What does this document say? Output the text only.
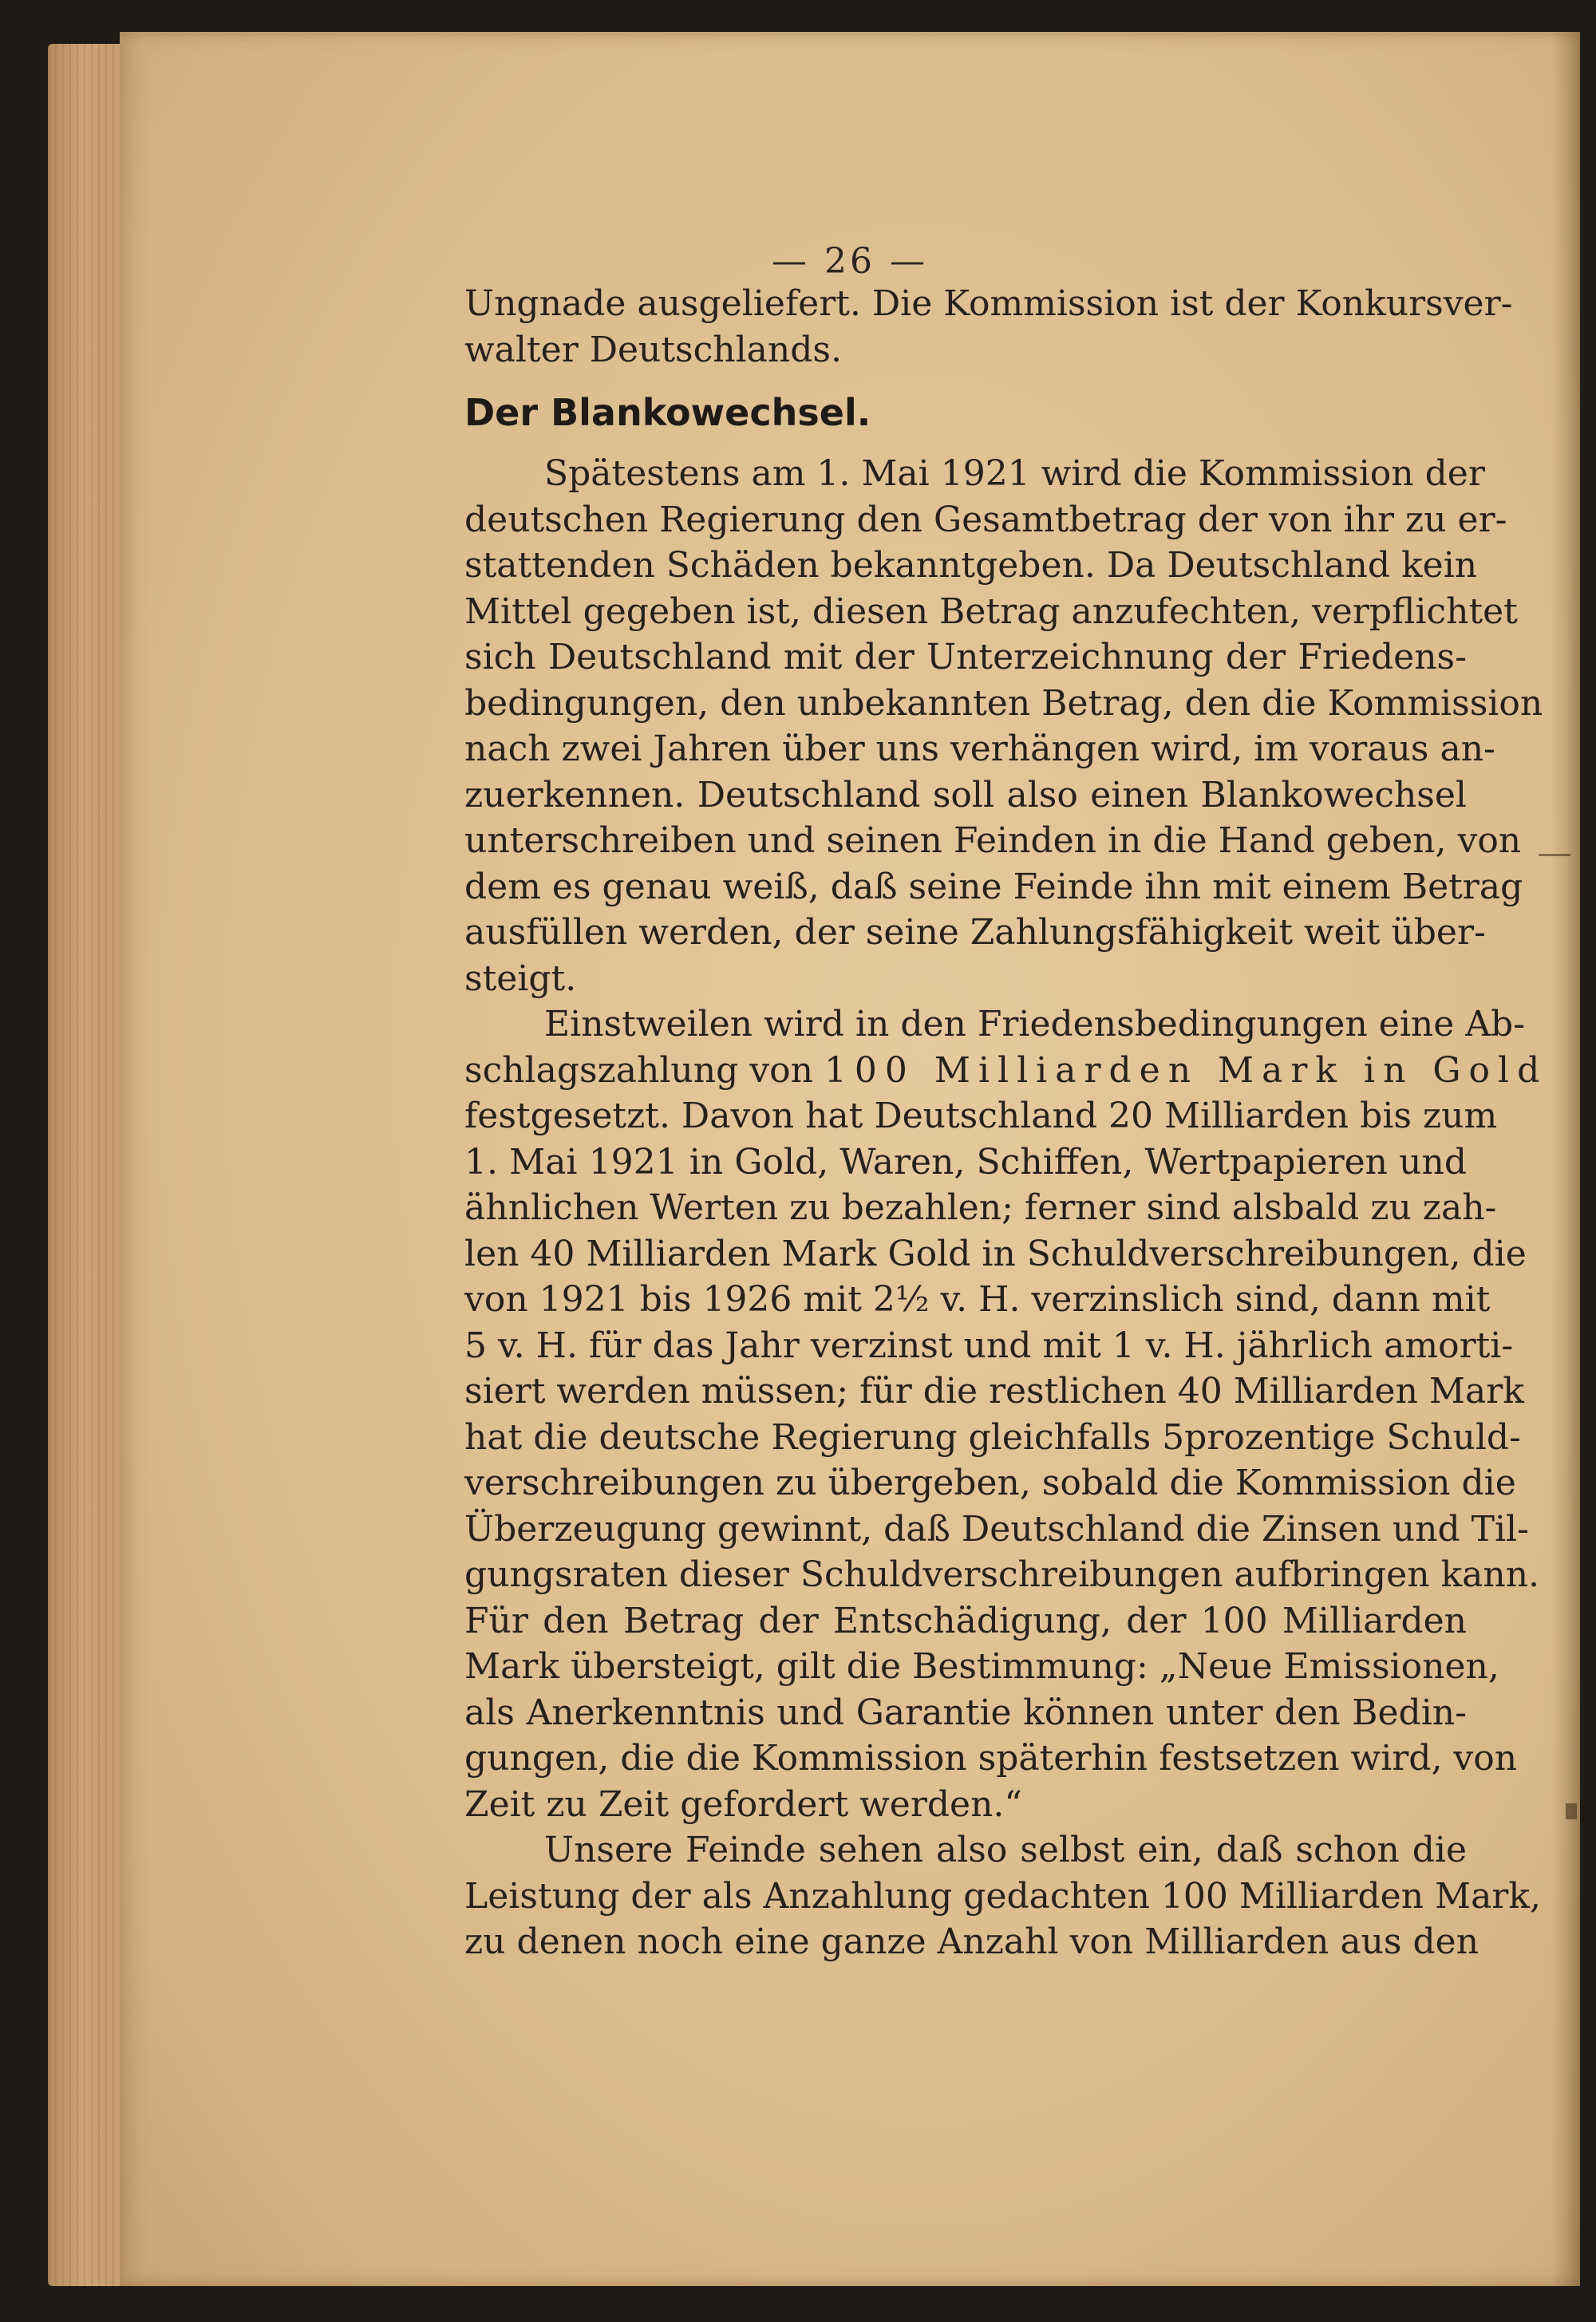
— 26 —
Ungnade ausgeliefert. Die Kommission ist der Konkursver-
walter Deutschlands.
Der Blankowechsel.
Spätestens am 1. Mai 1921 wird die Kommission der
deutschen Regierung den Gesamtbetrag der von ihr zu er-
stattenden Schäden bekanntgeben. Da Deutschland kein
Mittel gegeben ist, diesen Betrag anzufechten, verpflichtet
sich Deutschland mit der Unterzeichnung der Friedens-
bedingungen, den unbekannten Betrag, den die Kommission
nach zwei Jahren über uns verhängen wird, im voraus an-
zuerkennen. Deutschland soll also einen Blankowechsel
unterschreiben und seinen Feinden in die Hand geben, von
dem es genau weiß, daß seine Feinde ihn mit einem Betrag
ausfüllen werden, der seine Zahlungsfähigkeit weit über-
steigt.
Einstweilen wird in den Friedensbedingungen eine Ab-
schlagszahlung von 100 Milliarden Mark in Gold
festgesetzt. Davon hat Deutschland 20 Milliarden bis zum
1. Mai 1921 in Gold, Waren, Schiffen, Wertpapieren und
ähnlichen Werten zu bezahlen; ferner sind alsbald zu zah-
len 40 Milliarden Mark Gold in Schuldverschreibungen, die
von 1921 bis 1926 mit 2½ v. H. verzinslich sind, dann mit
5 v. H. für das Jahr verzinst und mit 1 v. H. jährlich amorti-
siert werden müssen; für die restlichen 40 Milliarden Mark
hat die deutsche Regierung gleichfalls 5prozentige Schuld-
verschreibungen zu übergeben, sobald die Kommission die
Überzeugung gewinnt, daß Deutschland die Zinsen und Til-
gungsraten dieser Schuldverschreibungen aufbringen kann.
Für den Betrag der Entschädigung, der 100 Milliarden
Mark übersteigt, gilt die Bestimmung: „Neue Emissionen,
als Anerkenntnis und Garantie können unter den Bedin-
gungen, die die Kommission späterhin festsetzen wird, von
Zeit zu Zeit gefordert werden.“
Unsere Feinde sehen also selbst ein, daß schon die
Leistung der als Anzahlung gedachten 100 Milliarden Mark,
zu denen noch eine ganze Anzahl von Milliarden aus den
